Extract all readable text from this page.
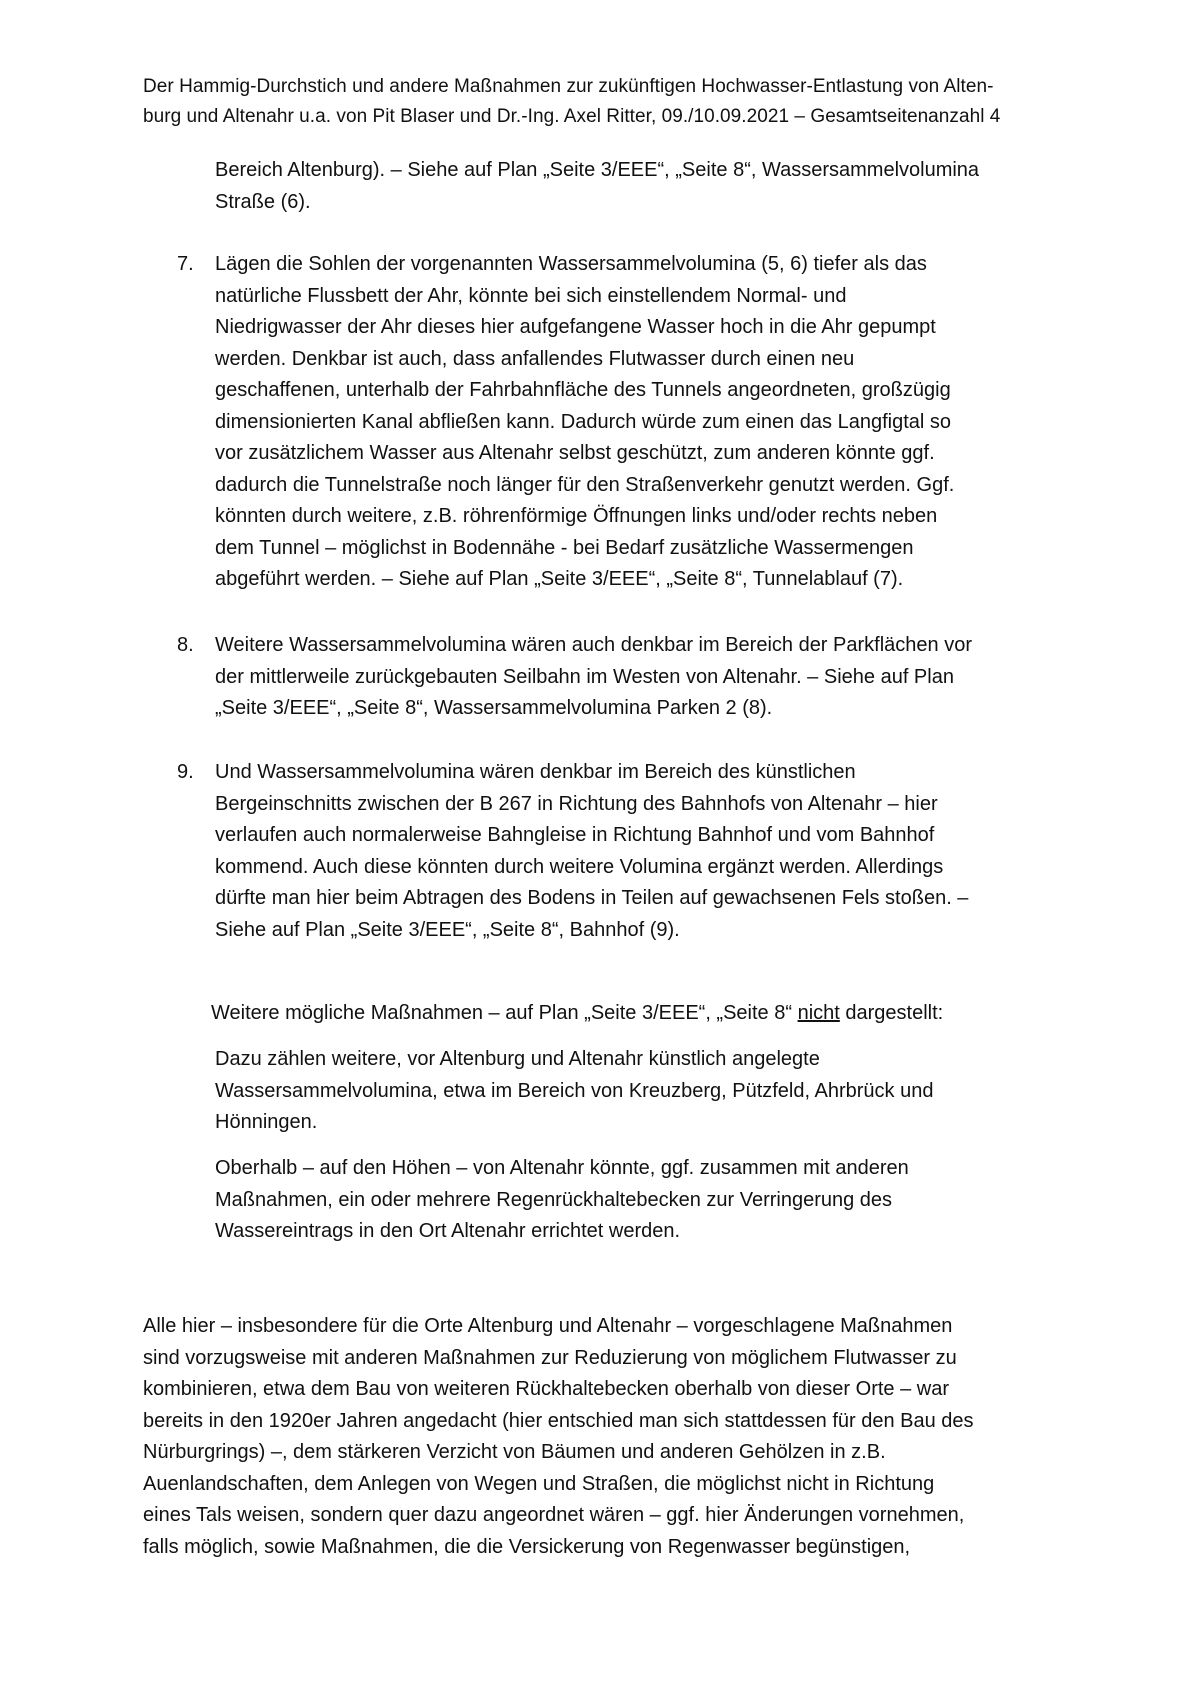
Der Hammig-Durchstich und andere Maßnahmen zur zukünftigen Hochwasser-Entlastung von Alten-
burg und Altenahr u.a. von Pit Blaser und Dr.-Ing. Axel Ritter, 09./10.09.2021 – Gesamtseitenanzahl 4
Bereich Altenburg). – Siehe auf Plan „Seite 3/EEE“, „Seite 8“, Wassersammelvolumina
Straße (6).
7. Lägen die Sohlen der vorgenannten Wassersammelvolumina (5, 6) tiefer als das
natürliche Flussbett der Ahr, könnte bei sich einstellendem Normal- und
Niedrigwasser der Ahr dieses hier aufgefangene Wasser hoch in die Ahr gepumpt
werden. Denkbar ist auch, dass anfallendes Flutwasser durch einen neu
geschaffenen, unterhalb der Fahrbahnfläche des Tunnels angeordneten, großzügig
dimensionierten Kanal abfließen kann. Dadurch würde zum einen das Langfigtal so
vor zusätzlichem Wasser aus Altenahr selbst geschützt, zum anderen könnte ggf.
dadurch die Tunnelstraße noch länger für den Straßenverkehr genutzt werden. Ggf.
könnten durch weitere, z.B. röhrenförmige Öffnungen links und/oder rechts neben
dem Tunnel – möglichst in Bodennähe - bei Bedarf zusätzliche Wassermengen
abgeführt werden. – Siehe auf Plan „Seite 3/EEE“, „Seite 8“, Tunnelablauf (7).
8. Weitere Wassersammelvolumina wären auch denkbar im Bereich der Parkflächen vor
der mittlerweile zurückgebauten Seilbahn im Westen von Altenahr. – Siehe auf Plan
„Seite 3/EEE“, „Seite 8“, Wassersammelvolumina Parken 2 (8).
9. Und Wassersammelvolumina wären denkbar im Bereich des künstlichen
Bergeinschnitts zwischen der B 267 in Richtung des Bahnhofs von Altenahr – hier
verlaufen auch normalerweise Bahngleise in Richtung Bahnhof und vom Bahnhof
kommend. Auch diese könnten durch weitere Volumina ergänzt werden. Allerdings
dürfte man hier beim Abtragen des Bodens in Teilen auf gewachsenen Fels stoßen. –
Siehe auf Plan „Seite 3/EEE“, „Seite 8“, Bahnhof (9).
Weitere mögliche Maßnahmen – auf Plan „Seite 3/EEE“, „Seite 8“ nicht dargestellt:
Dazu zählen weitere, vor Altenburg und Altenahr künstlich angelegte
Wassersammelvolumina, etwa im Bereich von Kreuzberg, Pützfeld, Ahrbrück und
Hönningen.
Oberhalb – auf den Höhen – von Altenahr könnte, ggf. zusammen mit anderen
Maßnahmen, ein oder mehrere Regenrückhaltebecken zur Verringerung des
Wassereintrags in den Ort Altenahr errichtet werden.
Alle hier – insbesondere für die Orte Altenburg und Altenahr – vorgeschlagene Maßnahmen
sind vorzugsweise mit anderen Maßnahmen zur Reduzierung von möglichem Flutwasser zu
kombinieren, etwa dem Bau von weiteren Rückhaltebecken oberhalb von dieser Orte – war
bereits in den 1920er Jahren angedacht (hier entschied man sich stattdessen für den Bau des
Nürburgrings) –, dem stärkeren Verzicht von Bäumen und anderen Gehölzen in z.B.
Auenlandschaften, dem Anlegen von Wegen und Straßen, die möglichst nicht in Richtung
eines Tals weisen, sondern quer dazu angeordnet wären – ggf. hier Änderungen vornehmen,
falls möglich, sowie Maßnahmen, die die Versickerung von Regenwasser begünstigen,
